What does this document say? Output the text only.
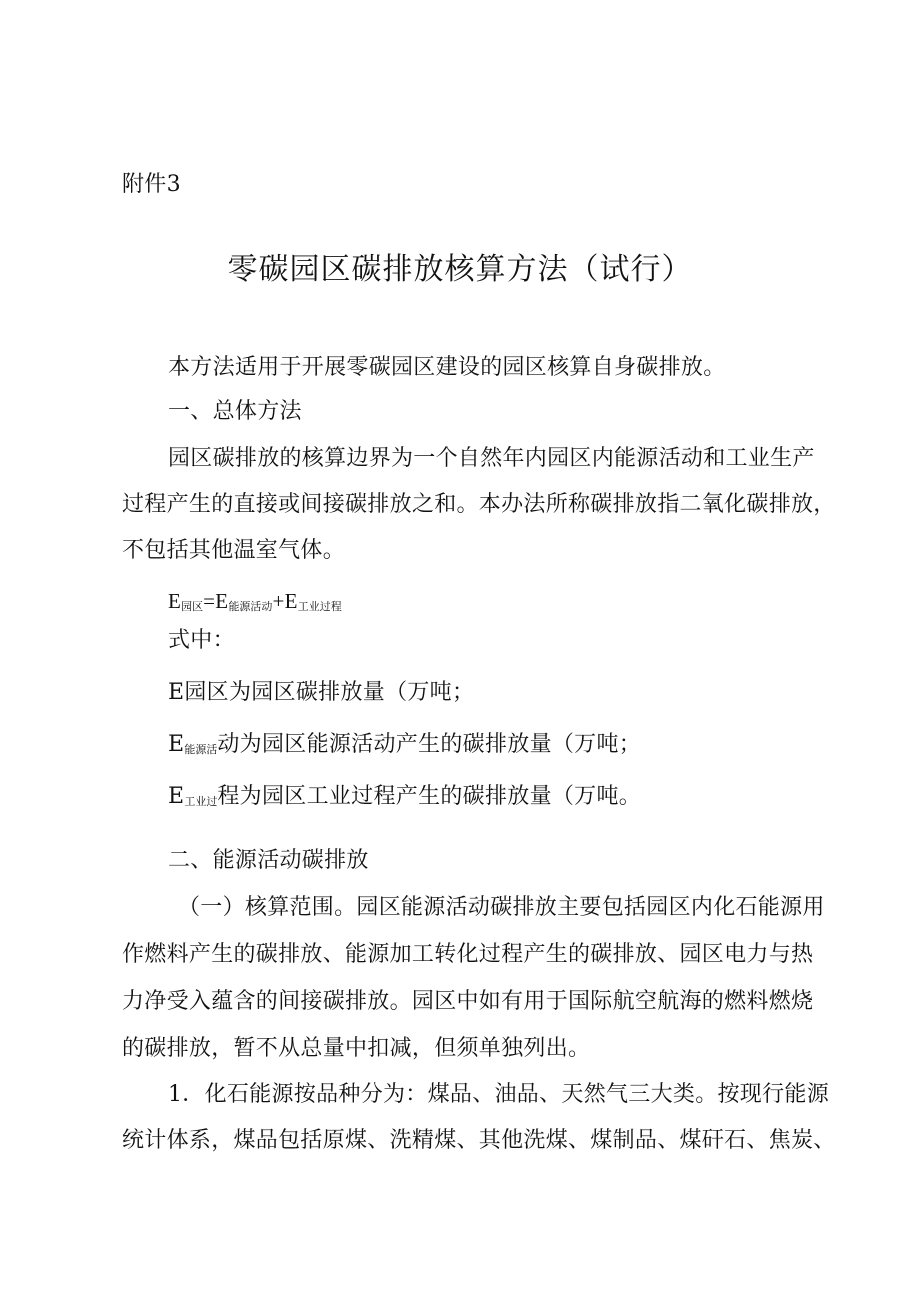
附件3
零碳园区碳排放核算方法（试行）
本方法适用于开展零碳园区建设的园区核算自身碳排放。
一、总体方法
园区碳排放的核算边界为一个自然年内园区内能源活动和工业生产
过程产生的直接或间接碳排放之和。本办法所称碳排放指二氧化碳排放，
不包括其他温室气体。
E园区=E能源活动+E工业过程
式中：
E园区为园区碳排放量（万吨；
E能源活动为园区能源活动产生的碳排放量（万吨；
E工业过程为园区工业过程产生的碳排放量（万吨。
二、能源活动碳排放
（一）核算范围。园区能源活动碳排放主要包括园区内化石能源用
作燃料产生的碳排放、能源加工转化过程产生的碳排放、园区电力与热
力净受入蕴含的间接碳排放。园区中如有用于国际航空航海的燃料燃烧
的碳排放，暂不从总量中扣减，但须单独列出。
1．化石能源按品种分为：煤品、油品、天然气三大类。按现行能源
统计体系，煤品包括原煤、洗精煤、其他洗煤、煤制品、煤矸石、焦炭、
